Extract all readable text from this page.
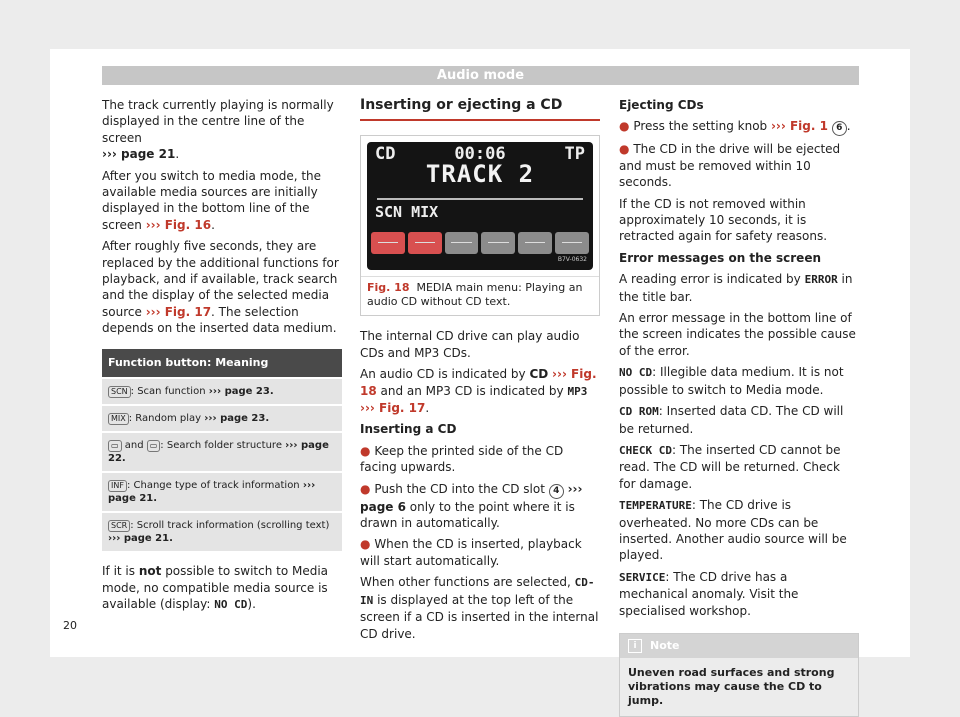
Audio mode

The track currently playing is normally displayed in the centre line of the screen
››› page 21.

After you switch to media mode, the available media sources are initially displayed in the bottom line of the screen ››› Fig. 16.

After roughly five seconds, they are replaced by the additional functions for playback, and if available, track search and the display of the selected media source ››› Fig. 17. The selection depends on the inserted data medium.

Function button: Meaning
SCN : Scan function ››› page 23.
MIX : Random play ››› page 23.
▭ and ▭ : Search folder structure ››› page 22.
INF : Change type of track information ››› page 21.
SCR : Scroll track information (scrolling text)
››› page 21.

If it is not possible to switch to Media mode, no compatible media source is available (display: NO CD).

Inserting or ejecting a CD
CD	00:06	TP
TRACK 2
SCN MIX
B7V-0632
Fig. 18 MEDIA main menu: Playing an audio CD without CD text.

The internal CD drive can play audio CDs and MP3 CDs.

An audio CD is indicated by CD ››› Fig. 18 and an MP3 CD is indicated by MP3 ››› Fig. 17.

Inserting a CD

● Keep the printed side of the CD facing upwards.

● Push the CD into the CD slot 4 ››› page 6 only to the point where it is drawn in automatically.

● When the CD is inserted, playback will start automatically.

When other functions are selected, CD-IN is displayed at the top left of the screen if a CD is inserted in the internal CD drive.

Ejecting CDs

● Press the setting knob ››› Fig. 1 6 .

● The CD in the drive will be ejected and must be removed within 10 seconds.

If the CD is not removed within approximately 10 seconds, it is retracted again for safety reasons.

Error messages on the screen

A reading error is indicated by ERROR in the title bar.

An error message in the bottom line of the screen indicates the possible cause of the error.

NO CD: Illegible data medium. It is not possible to switch to Media mode.

CD ROM: Inserted data CD. The CD will be returned.

CHECK CD: The inserted CD cannot be read. The CD will be returned. Check for damage.

TEMPERATURE: The CD drive is overheated. No more CDs can be inserted. Another audio source will be played.

SERVICE: The CD drive has a mechanical anomaly. Visit the specialised workshop.

i	Note
Uneven road surfaces and strong vibrations may cause the CD to jump.
20
